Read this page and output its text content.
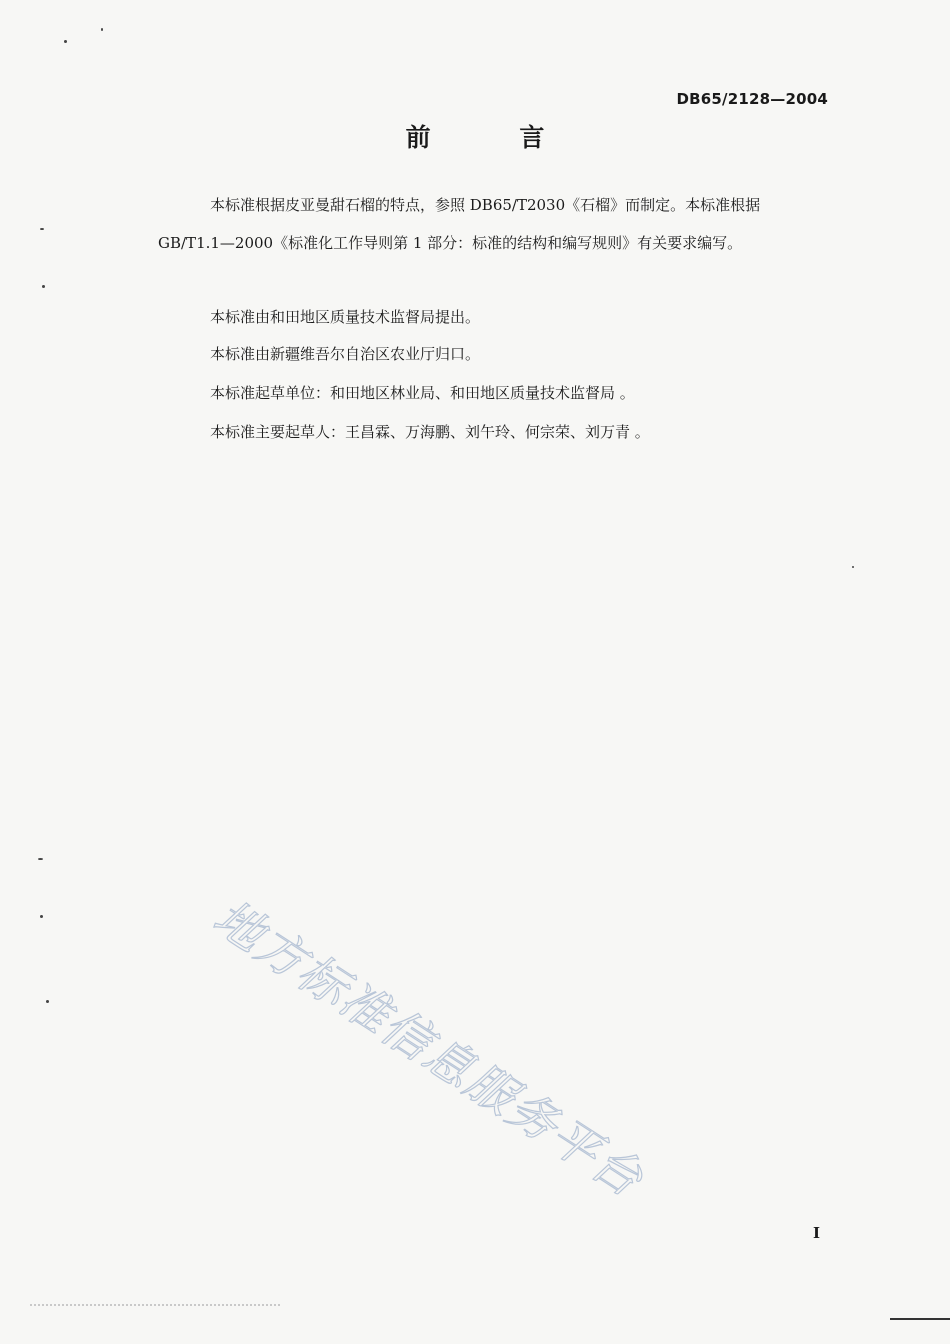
DB65/2128—2004
前 言
本标准根据皮亚曼甜石榴的特点，参照 DB65/T2030《石榴》而制定。本标准根据
GB/T1.1—2000《标准化工作导则第 1 部分：标准的结构和编写规则》有关要求编写。
本标准由和田地区质量技术监督局提出。
本标准由新疆维吾尔自治区农业厅归口。
本标准起草单位：和田地区林业局、和田地区质量技术监督局 。
本标准主要起草人：王昌霖、万海鹏、刘午玲、何宗荣、刘万青 。
地方标准信息服务平台
I
